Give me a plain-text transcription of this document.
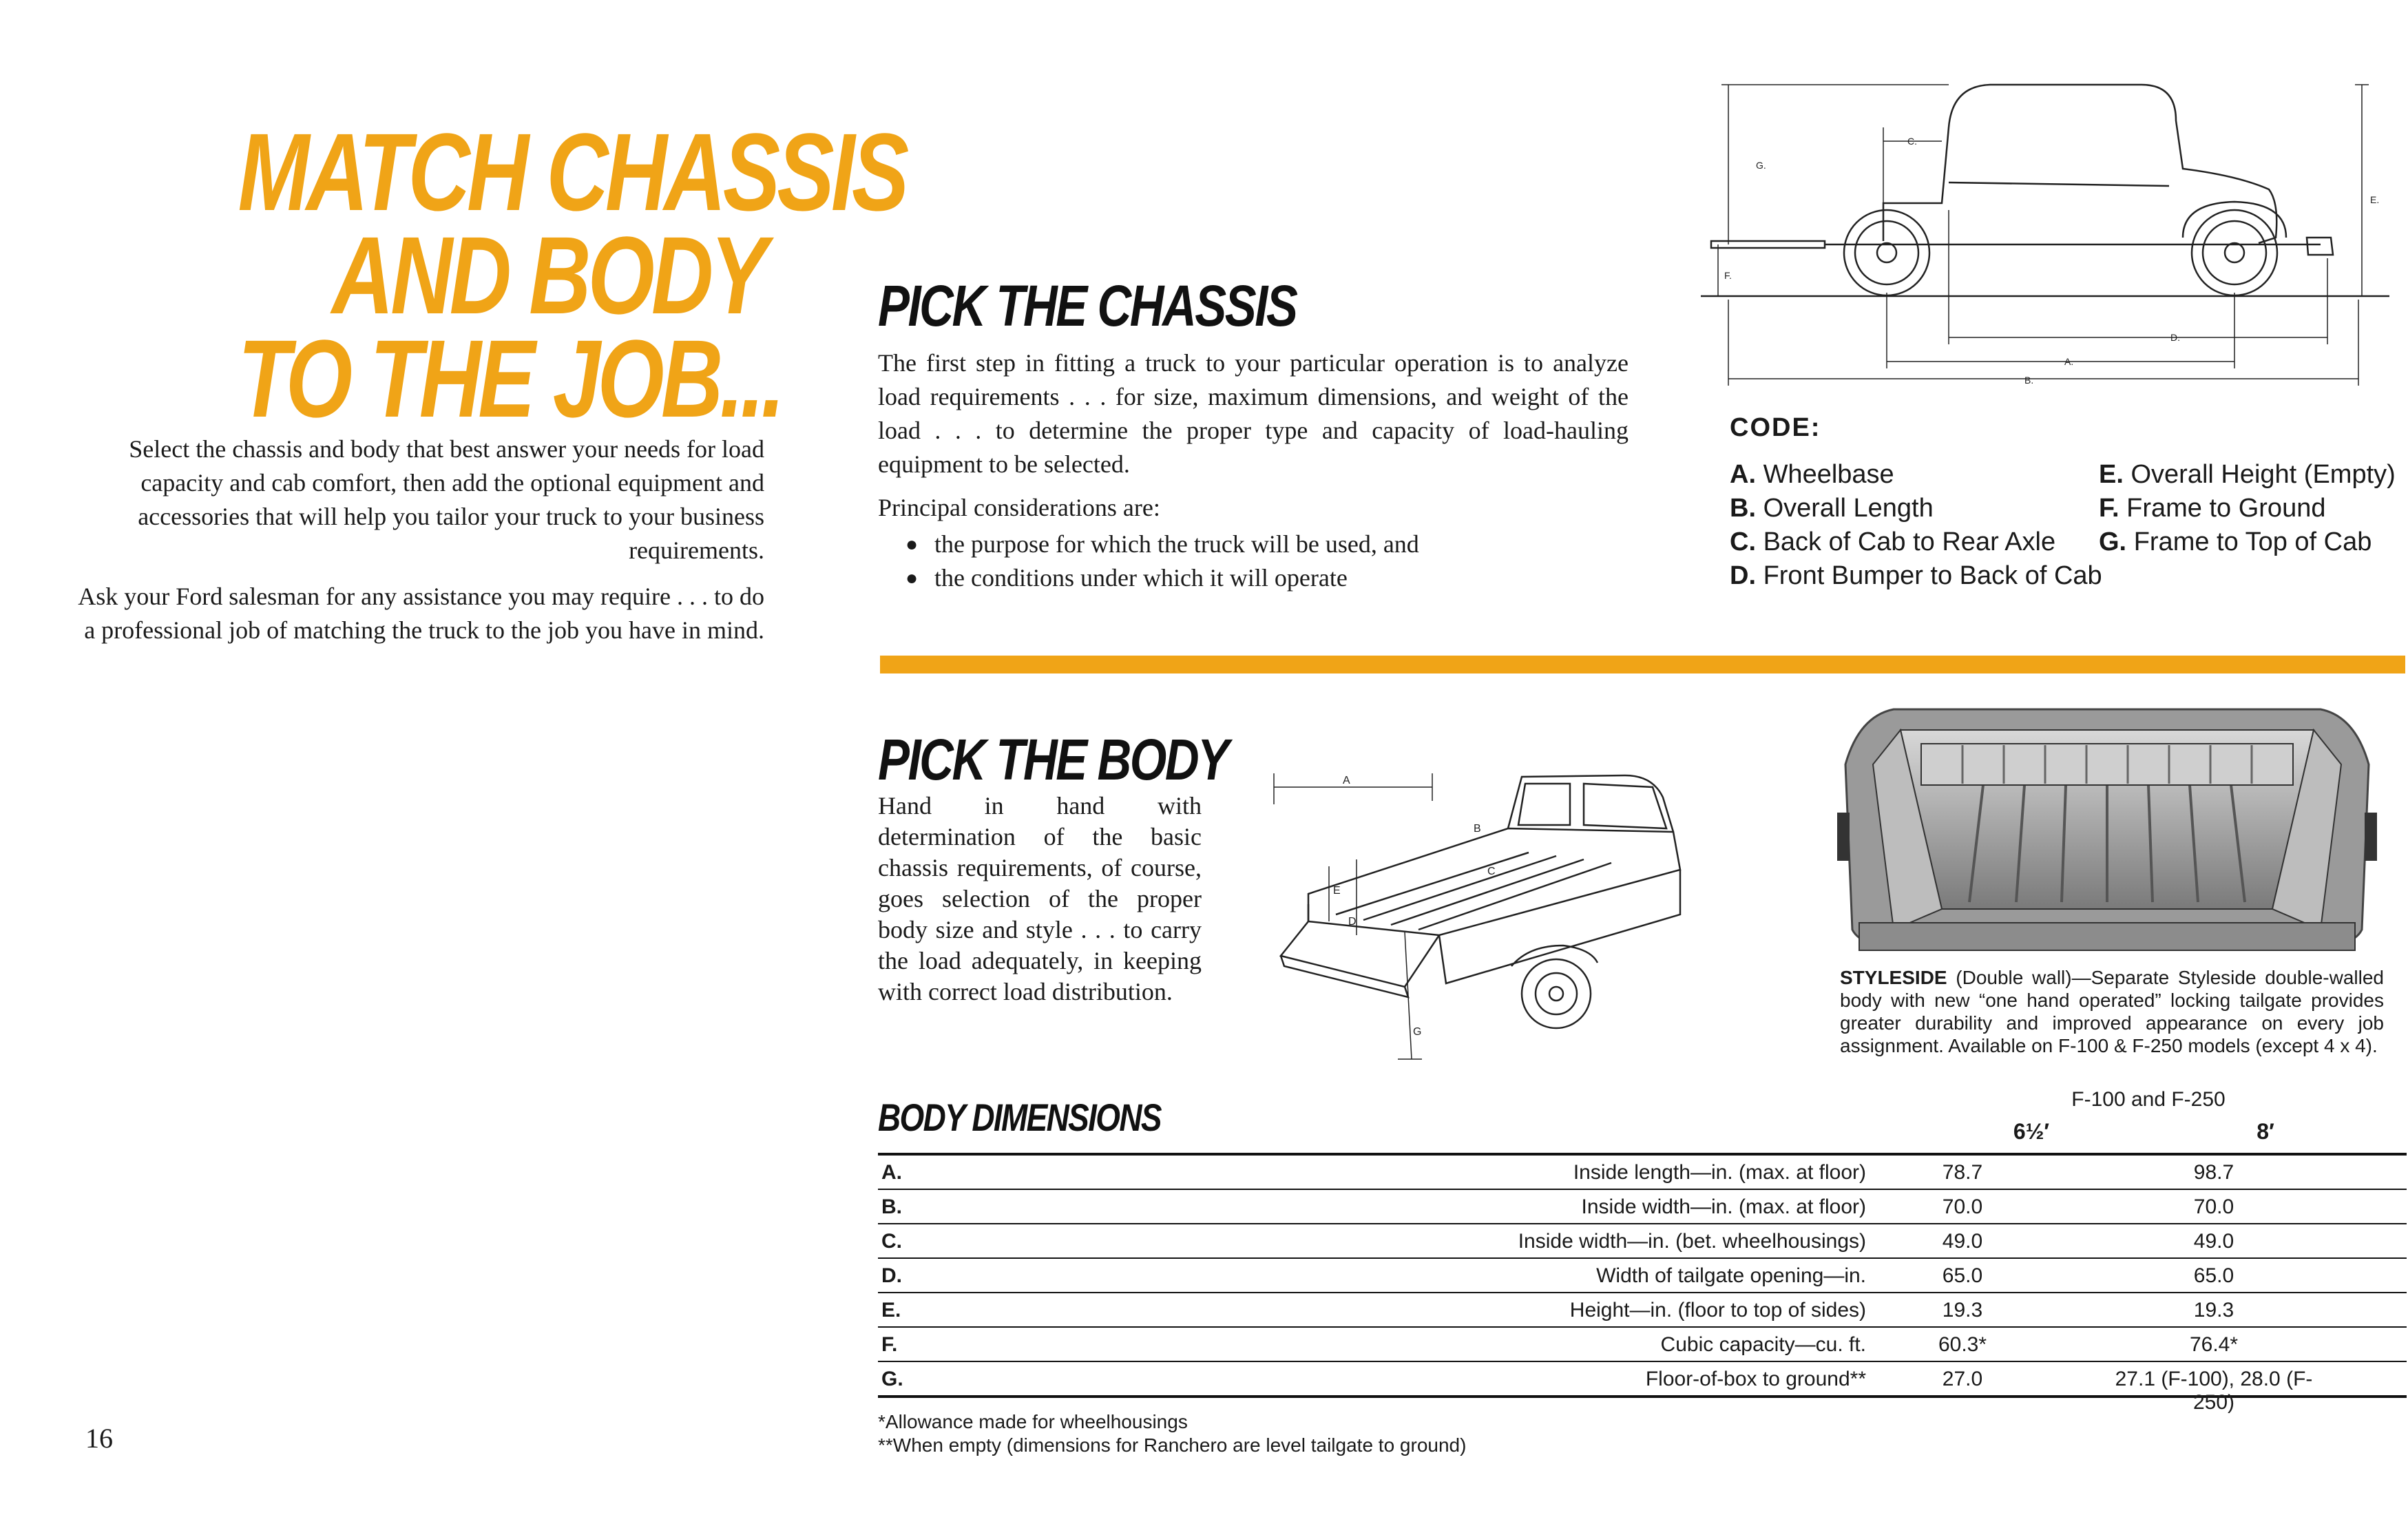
MATCH CHASSIS
AND BODY
TO THE JOB...

Select the chassis and body that best answer your needs for load capacity and cab comfort, then add the optional equipment and accessories that will help you tailor your truck to your business requirements.

Ask your Ford salesman for any assistance you may require . . . to do a professional job of matching the truck to the job you have in mind.

16
PICK THE CHASSIS

The first step in fitting a truck to your particular operation is to analyze load requirements . . . for size, maximum dimensions, and weight of the load . . . to determine the proper type and capacity of load-hauling equipment to be selected.

Principal considerations are:
● the purpose for which the truck will be used, and
● the conditions under which it will operate
G.
C.
E.
F.
D.
A.
B.
CODE:
A. Wheelbase
B. Overall Length
C. Back of Cab to Rear Axle
D. Front Bumper to Back of Cab
E. Overall Height (Empty)
F. Frame to Ground
G. Frame to Top of Cab
PICK THE BODY
Hand in hand with determination of the basic chassis requirements, of course, goes selection of the proper body size and style . . . to carry the load adequately, in keeping with correct load distribution.
A
B
C
D
E
G
STYLESIDE (Double wall)—Separate Styleside double-walled body with new “one hand operated” locking tailgate provides greater durability and improved appearance on every job assignment. Available on F-100 & F-250 models (except 4 x 4).
BODY DIMENSIONS	F-100 and F-250
6½′	8′
A.	Inside length—in. (max. at floor)	78.7	98.7
B.	Inside width—in. (max. at floor)	70.0	70.0
C.	Inside width—in. (bet. wheelhousings)	49.0	49.0
D.	Width of tailgate opening—in.	65.0	65.0
E.	Height—in. (floor to top of sides)	19.3	19.3
F.	Cubic capacity—cu. ft.	60.3*	76.4*
G.	Floor-of-box to ground**	27.0	27.1 (F-100), 28.0 (F-250)
*Allowance made for wheelhousings
**When empty (dimensions for Ranchero are level tailgate to ground)
